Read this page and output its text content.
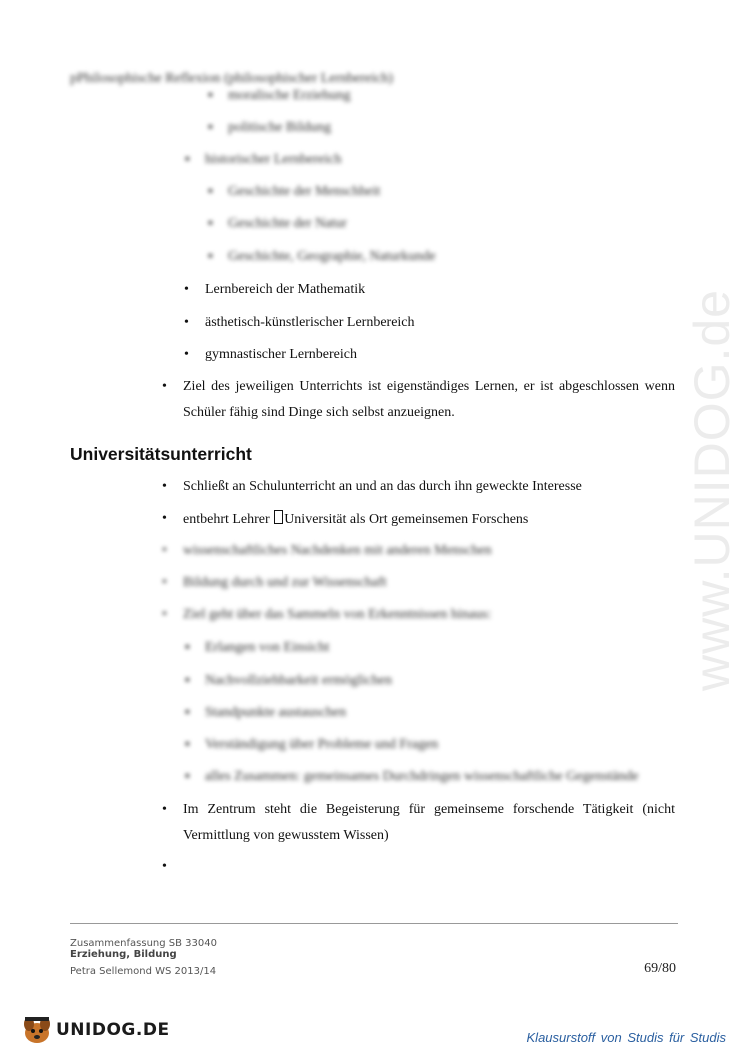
www.UNIDOG.de
pPhilosophische Reflexion (philosophischer Lernbereich)
▪ moralische Erziehung
▪ politische Bildung
▪ historischer Lernbereich
▪ Geschichte der Menschheit
▪ Geschichte der Natur
▪ Geschichte, Geographie, Naturkunde
• Lernbereich der Mathematik
• ästhetisch-künstlerischer Lernbereich
• gymnastischer Lernbereich
• Ziel des jeweiligen Unterrichts ist eigenständiges Lernen, er ist abgeschlossen wenn Schüler fähig sind Dinge sich selbst anzueignen.
Universitätsunterricht
• Schließt an Schulunterricht an und an das durch ihn geweckte Interesse
• entbehrt Lehrer Universität als Ort gemeinsemen Forschens
• wissenschaftliches Nachdenken mit anderen Menschen
• Bildung durch und zur Wissenschaft
• Ziel geht über das Sammeln von Erkenntnissen hinaus:
▪ Erlangen von Einsicht
▪ Nachvollziehbarkeit ermöglichen
▪ Standpunkte austauschen
▪ Verständigung über Probleme und Fragen
▪ alles Zusammen: gemeinsames Durchdringen wissenschaftliche Gegenstände
• Im Zentrum steht die Begeisterung für gemeinseme forschende Tätigkeit (nicht Vermittlung von gewusstem Wissen)
•
Zusammenfassung SB 33040
Erziehung, Bildung
Petra Sellemond WS 2013/14	69/80
UNIDOG.DE	Klausurstoff von Studis für Studis
